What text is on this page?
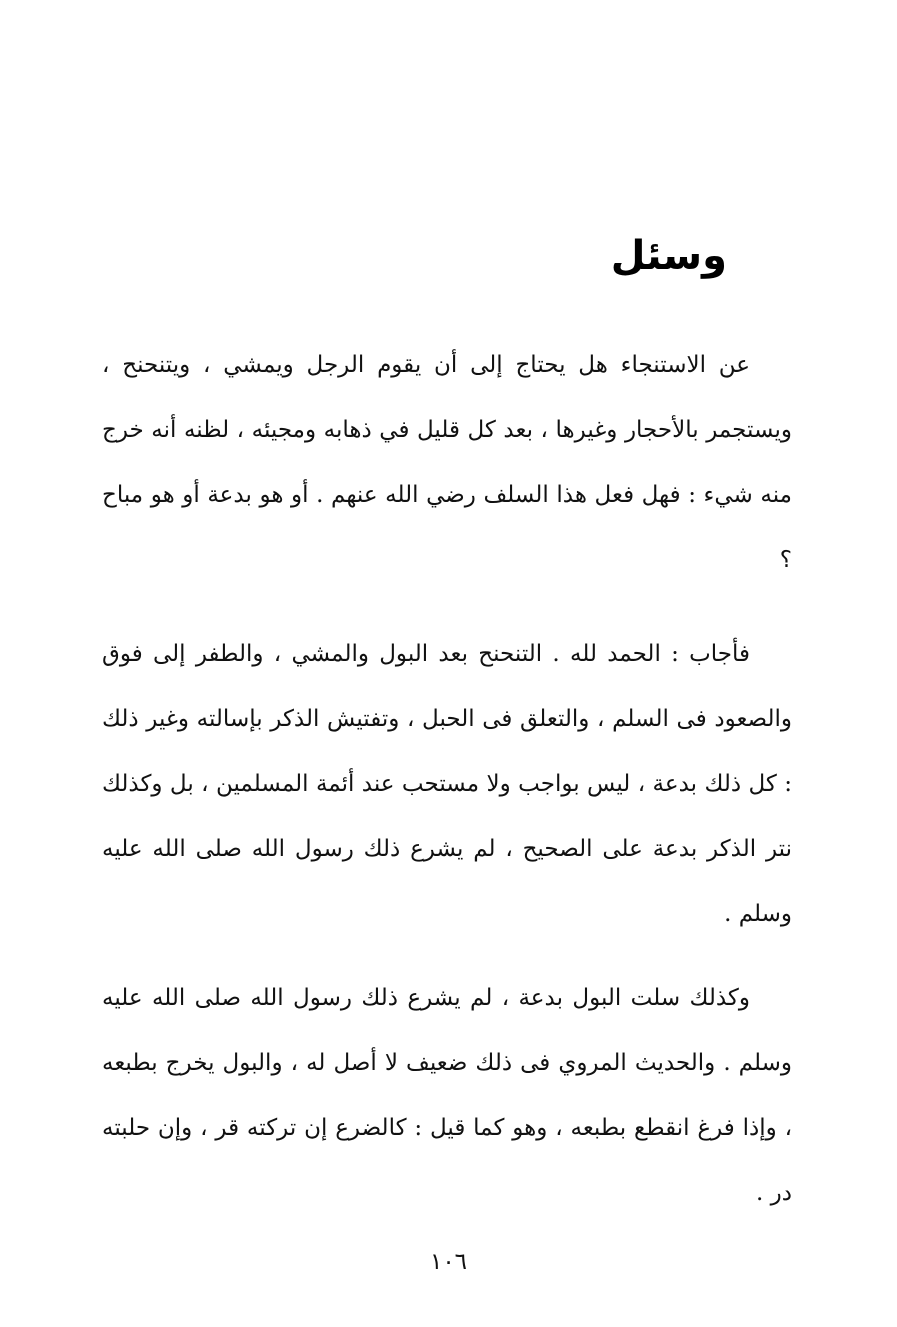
وسئل

عن الاستنجاء هل يحتاج إلى أن يقوم الرجل ويمشي ، ويتنحنح ، ويستجمر بالأحجار وغيرها ، بعد كل قليل في ذهابه ومجيئه ، لظنه أنه خرج منه شيء : فهل فعل هذا السلف رضي الله عنهم . أو هو بدعة أو هو مباح ؟

فأجاب : الحمد لله . التنحنح بعد البول والمشي ، والطفر إلى فوق والصعود فى السلم ، والتعلق فى الحبل ، وتفتيش الذكر بإسالته وغير ذلك : كل ذلك بدعة ، ليس بواجب ولا مستحب عند أئمة المسلمين ، بل وكذلك نتر الذكر بدعة على الصحيح ، لم يشرع ذلك رسول الله صلى الله عليه وسلم .

وكذلك سلت البول بدعة ، لم يشرع ذلك رسول الله صلى الله عليه وسلم . والحديث المروي فى ذلك ضعيف لا أصل له ، والبول يخرج بطبعه ، وإذا فرغ انقطع بطبعه ، وهو كما قيل : كالضرع إن تركته قر ، وإن حلبته در .

١٠٦
